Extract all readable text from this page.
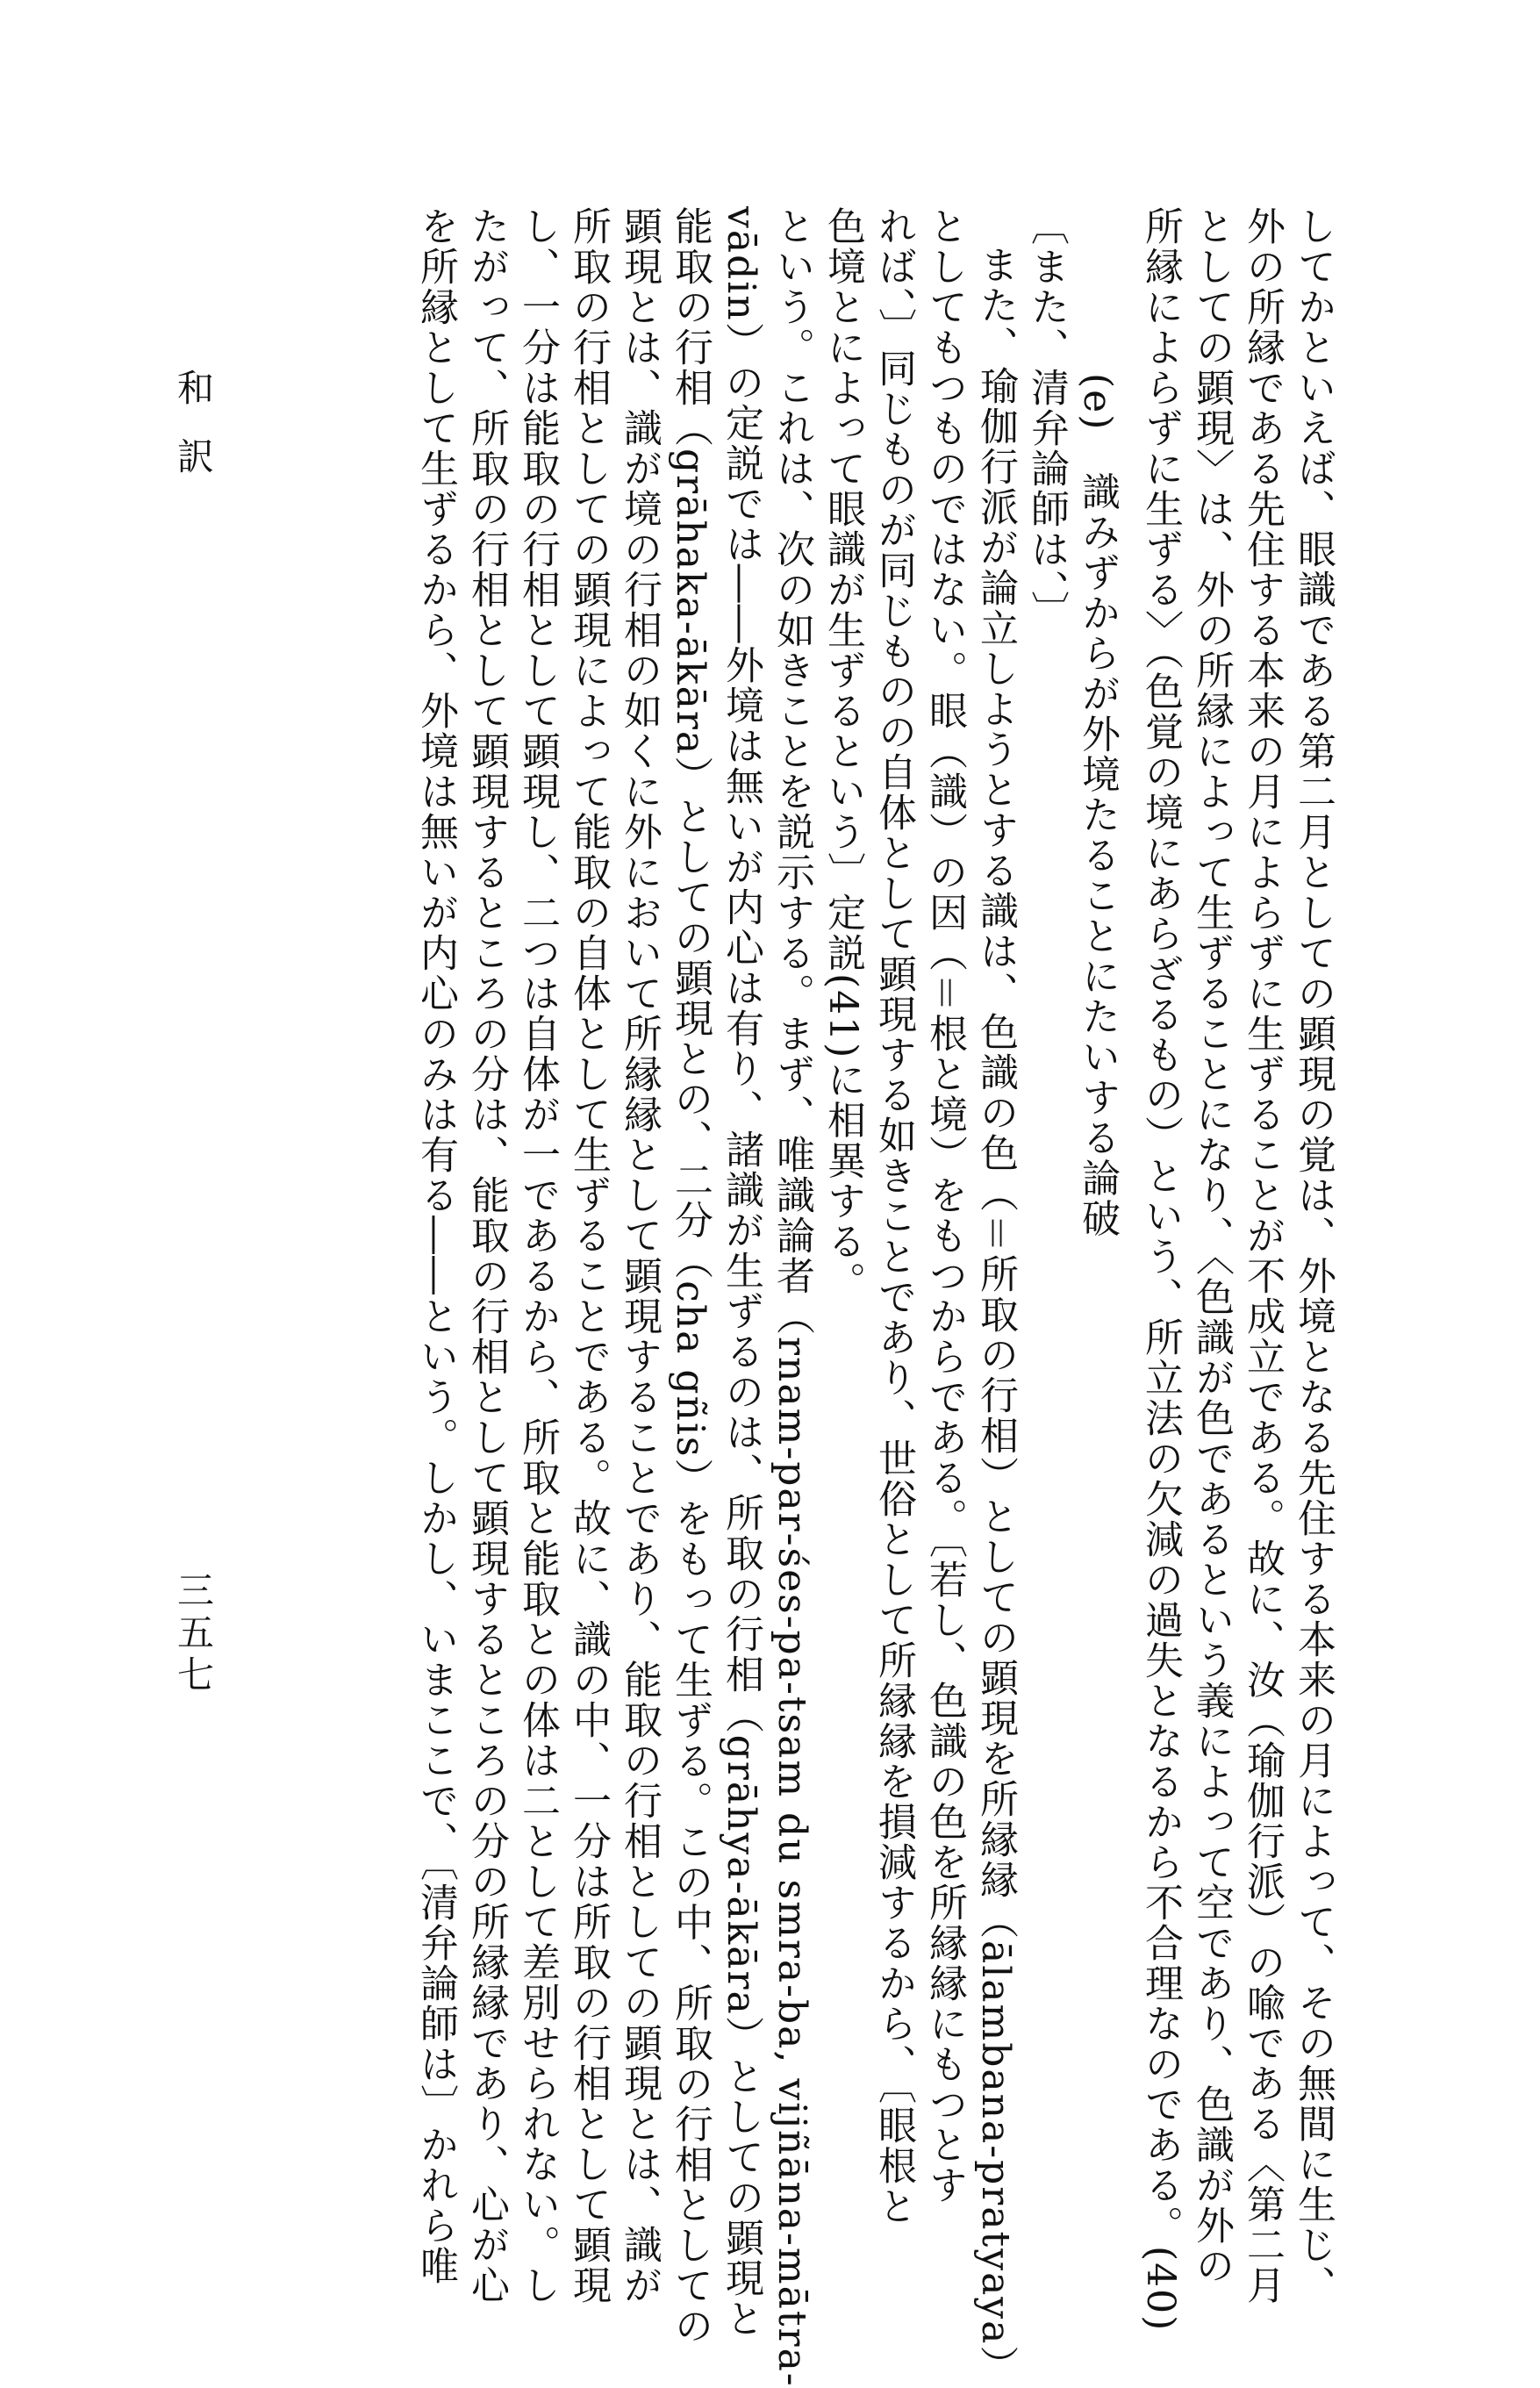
してかといえば、眼識である第二月としての顕現の覚は、外境となる先住する本来の月によって、その無間に生じ、
外の所縁である先住する本来の月によらずに生ずることが不成立である。故に、汝（瑜伽行派）の喩である〈第二月
としての顕現〉は、外の所縁によって生ずることになり、〈色識が色であるという義によって空であり、色識が外の
所縁によらずに生ずる〉（色覚の境にあらざるもの）という、所立法の欠減の過失となるから不合理なのである。(40)
(e)　識みずからが外境たることにたいする論破
〔また、清弁論師は、〕
また、瑜伽行派が論立しようとする識は、色識の色（＝所取の行相）としての顕現を所縁縁（ālambana-pratyaya）
としてもつものではない。眼（識）の因（＝根と境）をもつからである。〔若し、色識の色を所縁縁にもつとす
れば、〕同じものが同じものの自体として顕現する如きことであり、世俗として所縁縁を損減するから、〔眼根と
色境とによって眼識が生ずるという〕定説(41)に相異する。
という。これは、次の如きことを説示する。まず、唯識論者（rnam-par-śes-pa-tsam du smra-ba, vijñāna-mātra-
vādin）の定説では――外境は無いが内心は有り、諸識が生ずるのは、所取の行相（grāhya-ākāra）としての顕現と
能取の行相（grāhaka-ākāra）としての顕現との、二分（cha gñis）をもって生ずる。この中、所取の行相としての
顕現とは、識が境の行相の如くに外において所縁縁として顕現することであり、能取の行相としての顕現とは、識が
所取の行相としての顕現によって能取の自体として生ずることである。故に、識の中、一分は所取の行相として顕現
し、一分は能取の行相として顕現し、二つは自体が一であるから、所取と能取との体は二として差別せられない。し
たがって、所取の行相として顕現するところの分は、能取の行相として顕現するところの分の所縁縁であり、心が心
を所縁として生ずるから、外境は無いが内心のみは有る――という。しかし、いまここで、〔清弁論師は〕かれら唯
和訳
三五七
